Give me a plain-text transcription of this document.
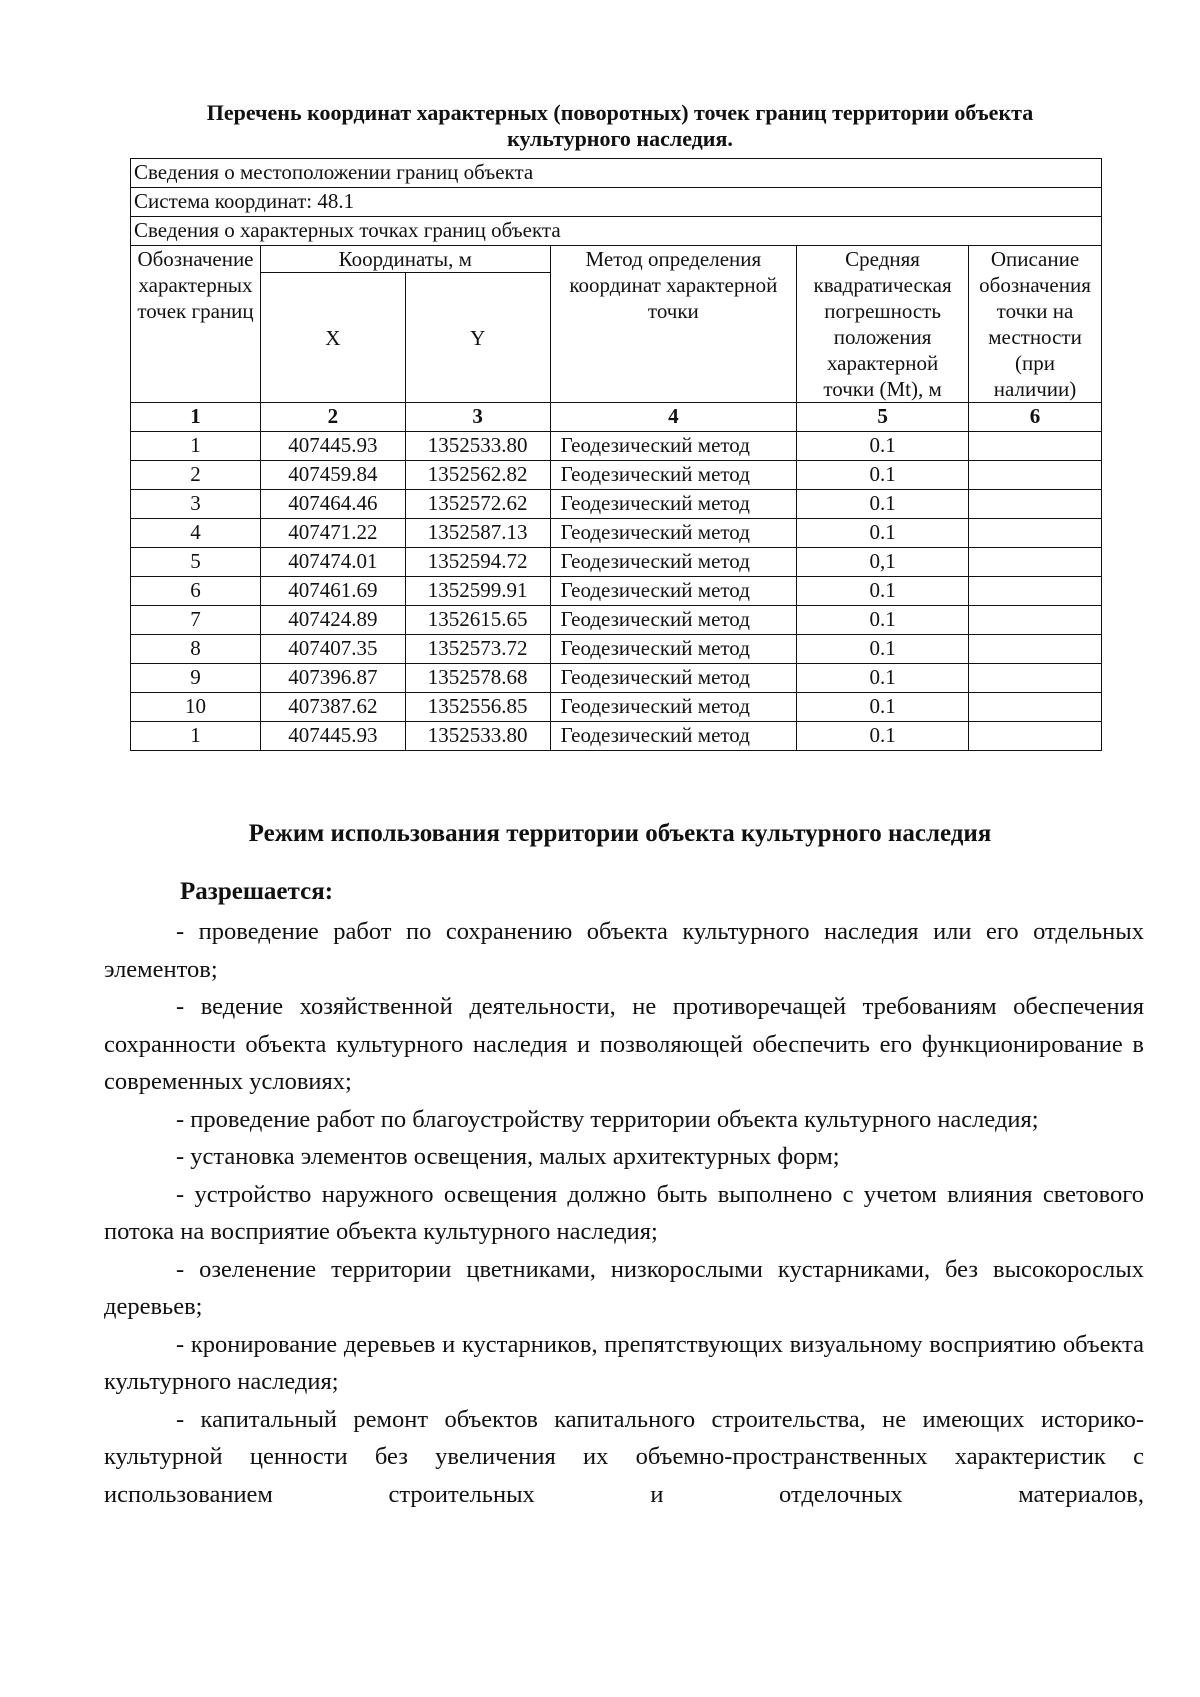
Перечень координат характерных (поворотных) точек границ территории объекта культурного наследия.
Сведения о местоположении границ объекта					
Система координат: 48.1					
Сведения о характерных точках границ объекта					
Обозначение характерных точек границ	Координаты, м		Метод определения координат характерной точки	Средняя квадратическая погрешность положения характерной точки (Mt), м	Описание обозначения точки на местности (при наличии)
	X	Y			
1	2	3	4	5	6
1	407445.93	1352533.80	Геодезический метод	0.1	
2	407459.84	1352562.82	Геодезический метод	0.1	
3	407464.46	1352572.62	Геодезический метод	0.1	
4	407471.22	1352587.13	Геодезический метод	0.1	
5	407474.01	1352594.72	Геодезический метод	0,1	
6	407461.69	1352599.91	Геодезический метод	0.1	
7	407424.89	1352615.65	Геодезический метод	0.1	
8	407407.35	1352573.72	Геодезический метод	0.1	
9	407396.87	1352578.68	Геодезический метод	0.1	
10	407387.62	1352556.85	Геодезический метод	0.1	
1	407445.93	1352533.80	Геодезический метод	0.1	
Режим использования территории объекта культурного наследия
Разрешается:

- проведение работ по сохранению объекта культурного наследия или его отдельных элементов;

- ведение хозяйственной деятельности, не противоречащей требованиям обеспечения сохранности объекта культурного наследия и позволяющей обеспечить его функционирование в современных условиях;

- проведение работ по благоустройству территории объекта культурного наследия;

- установка элементов освещения, малых архитектурных форм;

- устройство наружного освещения должно быть выполнено с учетом влияния светового потока на восприятие объекта культурного наследия;

- озеленение территории цветниками, низкорослыми кустарниками, без высокорослых деревьев;

- кронирование деревьев и кустарников, препятствующих визуальному восприятию объекта культурного наследия;

- капитальный ремонт объектов капитального строительства, не имеющих историко-культурной ценности без увеличения их объемно-пространственных характеристик с использованием строительных и отделочных материалов,
